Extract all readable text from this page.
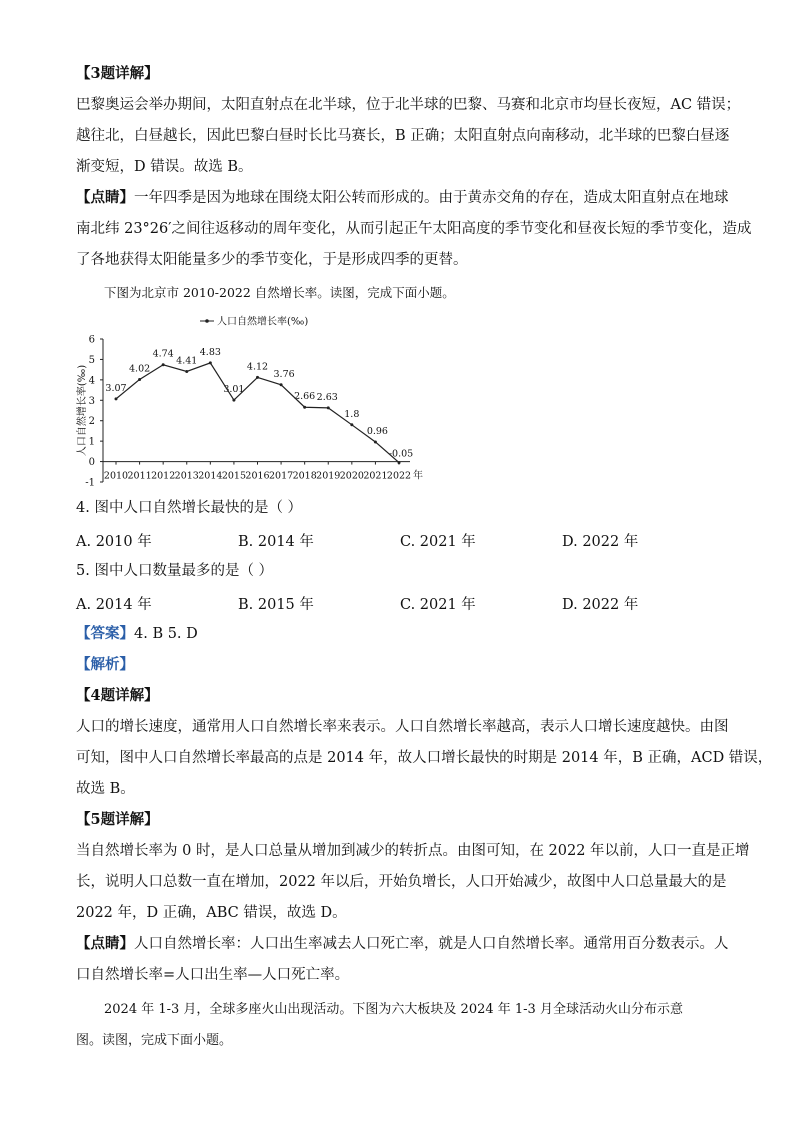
【3题详解】
巴黎奥运会举办期间，太阳直射点在北半球，位于北半球的巴黎、马赛和北京市均昼长夜短，AC 错误；
越往北，白昼越长，因此巴黎白昼时长比马赛长，B 正确；太阳直射点向南移动，北半球的巴黎白昼逐
渐变短，D 错误。故选 B。
【点睛】一年四季是因为地球在围绕太阳公转而形成的。由于黄赤交角的存在，造成太阳直射点在地球
南北纬 23°26′之间往返移动的周年变化，从而引起正午太阳高度的季节变化和昼夜长短的季节变化，造成
了各地获得太阳能量多少的季节变化，于是形成四季的更替。
下图为北京市 2010-2022 自然增长率。读图，完成下面小题。
6
5
4
3
2
1
0
-1
2010 2011 2012 2013 2014 2015 2016 2017 2018 2019 2020 2021 2022 年
人口自然增长率(‰)
人口自然增长率(‰)
3.07
4.02
4.74
4.41
4.83
3.01
4.12
3.76
2.66 2.63
1.8
0.96
-0.05
4. 图中人口自然增长最快的是（ ）
A. 2010 年	B. 2014 年	C. 2021 年	D. 2022 年
5. 图中人口数量最多的是（ ）
A. 2014 年	B. 2015 年	C. 2021 年	D. 2022 年
【答案】4. B 5. D
【解析】
【4题详解】
人口的增长速度，通常用人口自然增长率来表示。人口自然增长率越高，表示人口增长速度越快。由图
可知，图中人口自然增长率最高的点是 2014 年，故人口增长最快的时期是 2014 年，B 正确，ACD 错误，
故选 B。
【5题详解】
当自然增长率为 0 时，是人口总量从增加到减少的转折点。由图可知，在 2022 年以前，人口一直是正增
长，说明人口总数一直在增加，2022 年以后，开始负增长，人口开始减少，故图中人口总量最大的是
2022 年，D 正确，ABC 错误，故选 D。
【点睛】人口自然增长率：人口出生率减去人口死亡率，就是人口自然增长率。通常用百分数表示。人
口自然增长率=人口出生率—人口死亡率。
2024 年 1-3 月，全球多座火山出现活动。下图为六大板块及 2024 年 1-3 月全球活动火山分布示意
图。读图，完成下面小题。
